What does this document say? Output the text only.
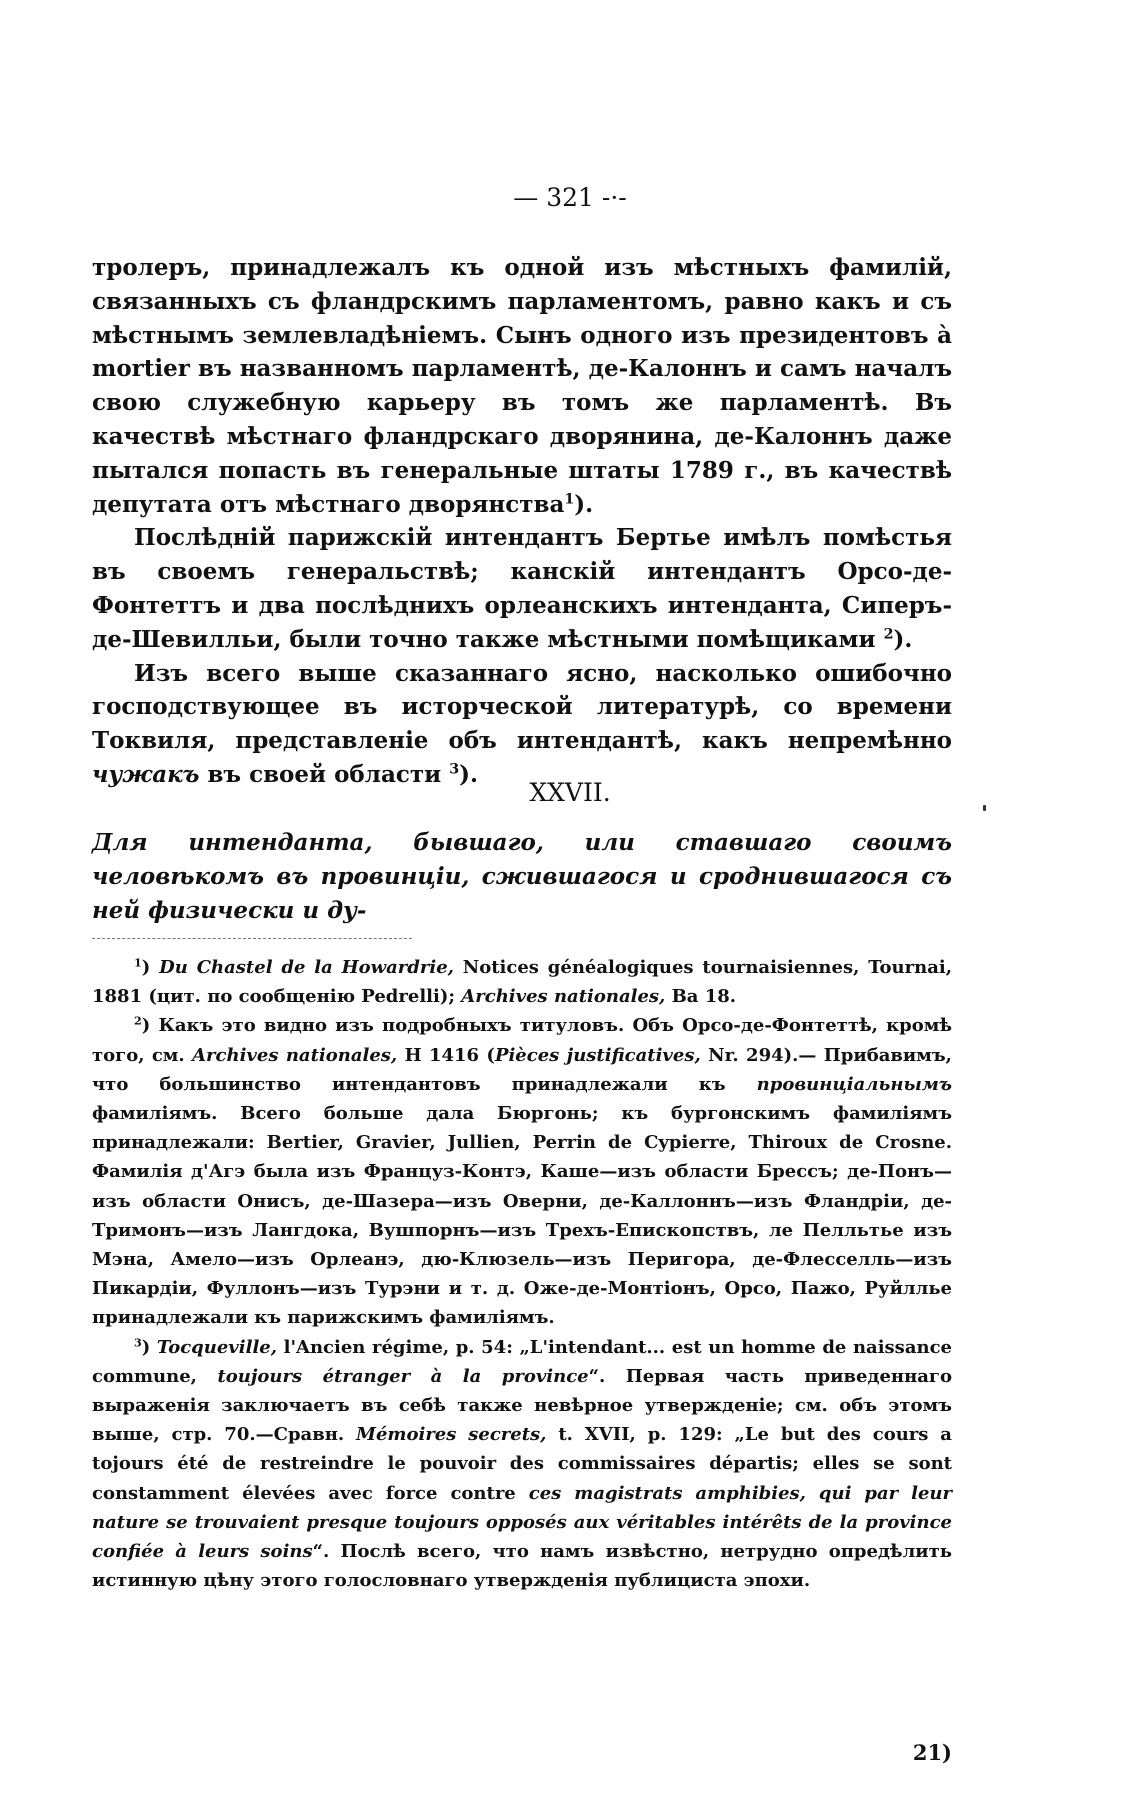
— 321 -·-

тролеръ, принадлежалъ къ одной изъ мѣстныхъ фамилій, связанныхъ съ фландрскимъ парламентомъ, равно какъ и съ мѣстнымъ землевладѣніемъ. Сынъ одного изъ президентовъ à mortier въ названномъ парламентѣ, де-Калоннъ и самъ началъ свою служебную карьеру въ томъ же парламентѣ. Въ качествѣ мѣстнаго фландрскаго дворянина, де-Калоннъ даже пытался попасть въ генеральные штаты 1789 г., въ качествѣ депутата отъ мѣстнаго дворянства$^1$).

Послѣдній парижскій интендантъ Бертье имѣлъ помѣстья въ своемъ генеральствѣ; канскій интендантъ Орсо-де-Фонтеттъ и два послѣднихъ орлеанскихъ интенданта, Сиперъ-де-Шевилльи, были точно также мѣстными помѣщиками $^2$).

Изъ всего выше сказаннаго ясно, насколько ошибочно господствующее въ исторческой литературѣ, со времени Токвиля, представленіе объ интендантѣ, какъ непремѣнно чужакъ въ своей области $^3$).

XXVII.
Для интенданта, бывшаго, или ставшаго своимъ человѣкомъ въ провинціи, сжившагося и сроднившагося съ ней физически и ду-

$^1$) Du Chastel de la Howardrie, Notices généalogiques tournaisiennes, Tournai, 1881 (цит. по сообщенію Pedrelli); Archives nationales, Ba 18.

$^2$) Какъ это видно изъ подробныхъ титуловъ. Объ Орсо-де-Фонтеттѣ, кромѣ того, см. Archives nationales, H 1416 (Pièces justificatives, Nr. 294).— Прибавимъ, что большинство интендантовъ принадлежали къ провинціальнымъ фамиліямъ. Всего больше дала Бюргонь; къ бургонскимъ фамиліямъ принадлежали: Bertier, Gravier, Jullien, Perrin de Cypierre, Thiroux de Crosne. Фамилія д'Агэ была изъ Француз-Контэ, Каше—изъ области Брессъ; де-Понъ—изъ области Онисъ, де-Шазера—изъ Оверни, де-Каллоннъ—изъ Фландріи, де-Тримонъ—изъ Лангдока, Вушпорнъ—изъ Трехъ-Епископствъ, ле Пелльтье изъ Мэна, Амело—изъ Орлеанэ, дю-Клюзель—изъ Перигора, де-Флесселль—изъ Пикардіи, Фуллонъ—изъ Турэни и т. д. Оже-де-Монтіонъ, Орсо, Пажо, Руйллье принадлежали къ парижскимъ фамиліямъ.

$^3$) Tocqueville, l'Ancien régime, p. 54: „L'intendant... est un homme de naissance commune, toujours étranger à la province“. Первая часть приведеннаго выраженія заключаетъ въ себѣ также невѣрное утвержденіе; см. объ этомъ выше, стр. 70.—Сравн. Mémoires secrets, t. XVII, p. 129: „Le but des cours a tojours été de restreindre le pouvoir des commissaires départis; elles se sont constamment élevées avec force contre ces magistrats amphibies, qui par leur nature se trouvaient presque toujours opposés aux véritables intérêts de la province confiée à leurs soins“. Послѣ всего, что намъ извѣстно, нетрудно опредѣлить истинную цѣну этого голословнаго утвержденія публициста эпохи.

21)
